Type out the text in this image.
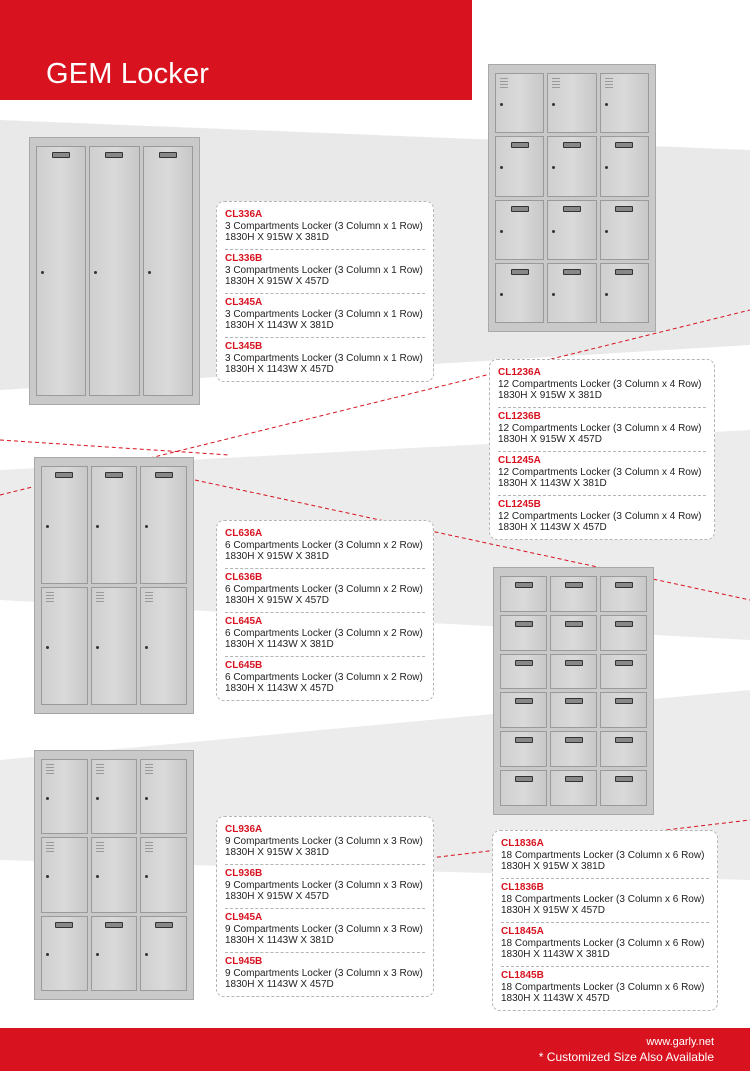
GEM Locker
CL336A
3 Compartments Locker (3 Column x 1 Row)
1830H X 915W X 381D
CL336B
3 Compartments Locker (3 Column x 1 Row)
1830H X 915W X 457D
CL345A
3 Compartments Locker (3 Column x 1 Row)
1830H X 1143W X 381D
CL345B
3 Compartments Locker (3 Column x 1 Row)
1830H X 1143W X 457D	CL1236A
12 Compartments Locker (3 Column x 4 Row)
1830H X 915W X 381D
CL1236B
12 Compartments Locker (3 Column x 4 Row)
1830H X 915W X 457D
CL1245A
12 Compartments Locker (3 Column x 4 Row)
1830H X 1143W X 381D
CL1245B
12 Compartments Locker (3 Column x 4 Row)
1830H X 1143W X 457D
CL636A
6 Compartments Locker (3 Column x 2 Row)
1830H X 915W X 381D
CL636B
6 Compartments Locker (3 Column x 2 Row)
1830H X 915W X 457D
CL645A
6 Compartments Locker (3 Column x 2 Row)
1830H X 1143W X 381D
CL645B
6 Compartments Locker (3 Column x 2 Row)
1830H X 1143W X 457D
CL1836A
18 Compartments Locker (3 Column x 6 Row)
1830H X 915W X 381D
CL1836B
18 Compartments Locker (3 Column x 6 Row)
1830H X 915W X 457D
CL1845A
18 Compartments Locker (3 Column x 6 Row)
1830H X 1143W X 381D
CL1845B
18 Compartments Locker (3 Column x 6 Row)
1830H X 1143W X 457D
CL936A
9 Compartments Locker (3 Column x 3 Row)
1830H X 915W X 381D
CL936B
9 Compartments Locker (3 Column x 3 Row)
1830H X 915W X 457D
CL945A
9 Compartments Locker (3 Column x 3 Row)
1830H X 1143W X 381D
CL945B
9 Compartments Locker (3 Column x 3 Row)
1830H X 1143W X 457D
www.garly.net
* Customized Size Also Available
